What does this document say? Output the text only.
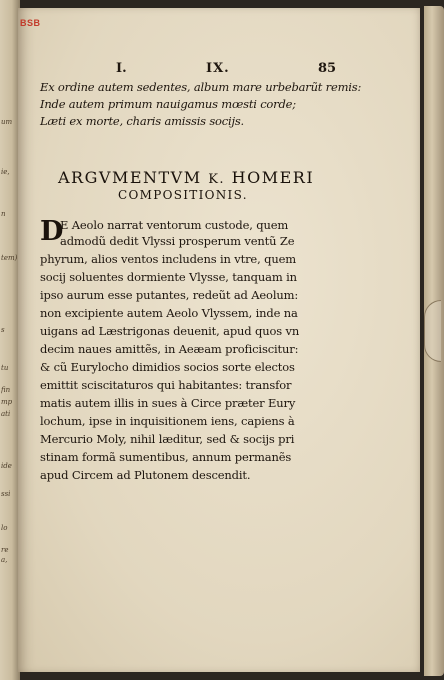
um
ie,
n
tem)
s
tu
fin
mp
ati
ide
ssi
lo
re
a,
BSB
I.	IX.	85
Ex ordine autem sedentes, album mare urbebarũt remis:
Inde autem primum nauigamus mœsti corde;
Læti ex morte, charis amissis socijs.
ARGVMENTVM K. HOMERI
COMPOSITIONIS.
D
E Aeolo narrat ventorum custode, quem
admodũ dedit Vlyssi prosperum ventũ Ze
phyrum, alios ventos includens in vtre, quem
socij soluentes dormiente Vlysse, tanquam in
ipso aurum esse putantes, redeũt ad Aeolum:
non excipiente autem Aeolo Vlyssem, inde na
uigans ad Læstrigonas deuenit, apud quos vn
decim naues amittẽs, in Aeæam proficiscitur:
& cũ Eurylocho dimidios socios sorte electos
emittit sciscitaturos qui habitantes: transfor
matis autem illis in sues à Circe præter Eury
lochum, ipse in inquisitionem iens, capiens à
Mercurio Moly, nihil læditur, sed & socijs pri
stinam formã sumentibus, annum permanẽs
apud Circem ad Plutonem descendit.
